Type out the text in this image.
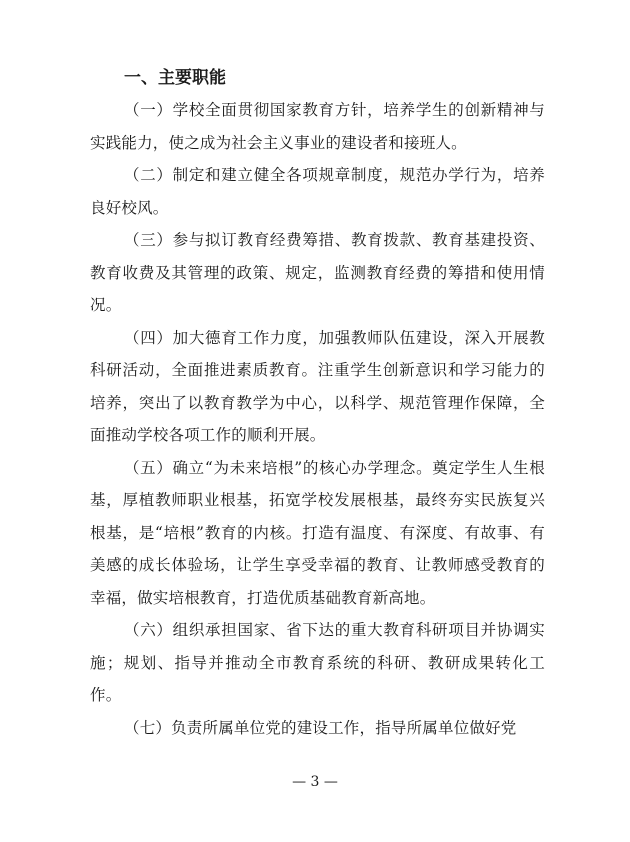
一、主要职能

（一）学校全面贯彻国家教育方针，培养学生的创新精神与实践能力，使之成为社会主义事业的建设者和接班人。

（二）制定和建立健全各项规章制度，规范办学行为，培养良好校风。

（三）参与拟订教育经费筹措、教育拨款、教育基建投资、教育收费及其管理的政策、规定，监测教育经费的筹措和使用情况。

（四）加大德育工作力度，加强教师队伍建设，深入开展教科研活动，全面推进素质教育。注重学生创新意识和学习能力的培养，突出了以教育教学为中心，以科学、规范管理作保障，全面推动学校各项工作的顺利开展。

（五）确立“为未来培根”的核心办学理念。奠定学生人生根基，厚植教师职业根基，拓宽学校发展根基，最终夯实民族复兴根基，是“培根”教育的内核。打造有温度、有深度、有故事、有美感的成长体验场，让学生享受幸福的教育、让教师感受教育的幸福，做实培根教育，打造优质基础教育新高地。

（六）组织承担国家、省下达的重大教育科研项目并协调实施；规划、指导并推动全市教育系统的科研、教研成果转化工作。

（七）负责所属单位党的建设工作，指导所属单位做好党

— 3 —
